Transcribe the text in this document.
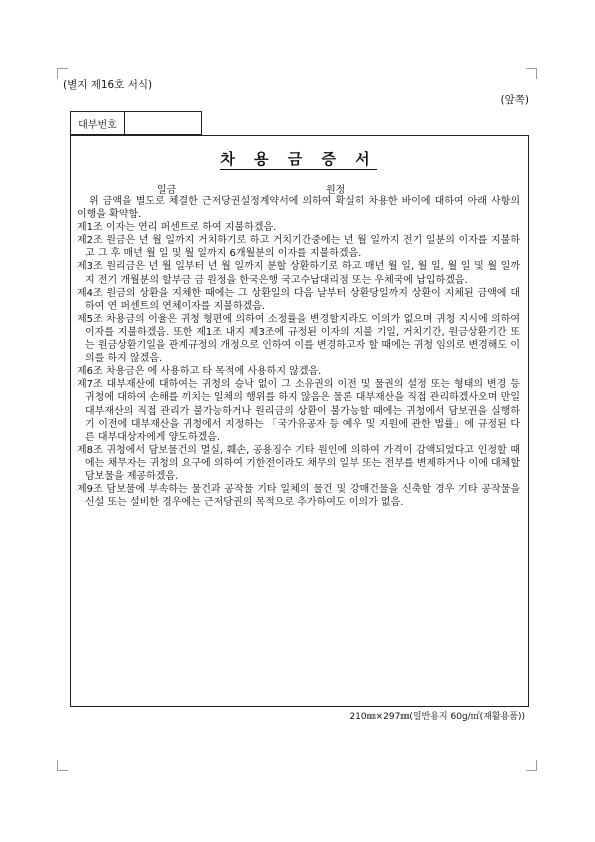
(별지 제16호 서식)
(앞쪽)
대부번호
차 용 금 증 서
일금	원정

위 금액을 별도로 체결한 근저당권설정계약서에 의하여 확실히 차용한 바이에 대하여 아래 사항의 이행을 확약함.

제1조 이자는 연리 퍼센트로 하여 지불하겠음.

제2조 원금은 년 월 일까지 거치하기로 하고 거치기간중에는 년 월 일까지 전기 일분의 이자를 지불하고 그 후 매년 월 일 및 월 일까지 6개월분의 이자를 지불하겠음.

제3조 원리금은 년 월 일부터 년 월 일까지 분할 상환하기로 하고 매년 월 일, 월 일, 월 일 및 월 일까지 전기 개월분의 할부금 금 원정을 한국은행 국고수납대리점 또는 우체국에 납입하겠음.

제4조 원금의 상환을 지체한 때에는 그 상환일의 다음 날부터 상환당일까지 상환이 지체된 금액에 대하여 연 퍼센트의 연체이자를 지불하겠음.

제5조 차용금의 이율은 귀청 형편에 의하여 소정률을 변경할지라도 이의가 없으며 귀청 지시에 의하여 이자를 지불하겠음. 또한 제1조 내지 제3조에 규정된 이자의 지불 기일, 거치기간, 원금상환기간 또는 원금상환기일을 관계규정의 개정으로 인하여 이를 변경하고자 할 때에는 귀청 임의로 변경해도 이의를 하지 않겠음.

제6조 차용금은 에 사용하고 타 목적에 사용하지 않겠음.

제7조 대부재산에 대하여는 귀청의 승낙 없이 그 소유권의 이전 및 물권의 설정 또는 형태의 변경 등 귀청에 대하여 손해를 끼치는 일체의 행위를 하지 않음은 물론 대부재산을 직접 관리하겠사오며 만일 대부재산의 직접 관리가 불가능하거나 원리금의 상환이 불가능할 때에는 귀청에서 담보권을 실행하기 이전에 대부재산을 귀청에서 지정하는 「국가유공자 등 예우 및 지원에 관한 법률」에 규정된 다른 대부대상자에게 양도하겠음.

제8조 귀청에서 담보물건의 멸실, 훼손, 공용징수 기타 원인에 의하여 가격이 감액되었다고 인정할 때에는 채무자는 귀청의 요구에 의하여 기한전이라도 채무의 일부 또는 전부를 변제하거나 이에 대체할 담보물을 제공하겠음.

제9조 담보물에 부속하는 물건과 공작물 기타 일체의 물건 및 강매건물을 신축할 경우 기타 공작물을 신설 또는 설비한 경우에는 근저당권의 목적으로 추가하여도 이의가 없음.

210㎜×297㎜(일반용지 60g/㎡(재활용품))
